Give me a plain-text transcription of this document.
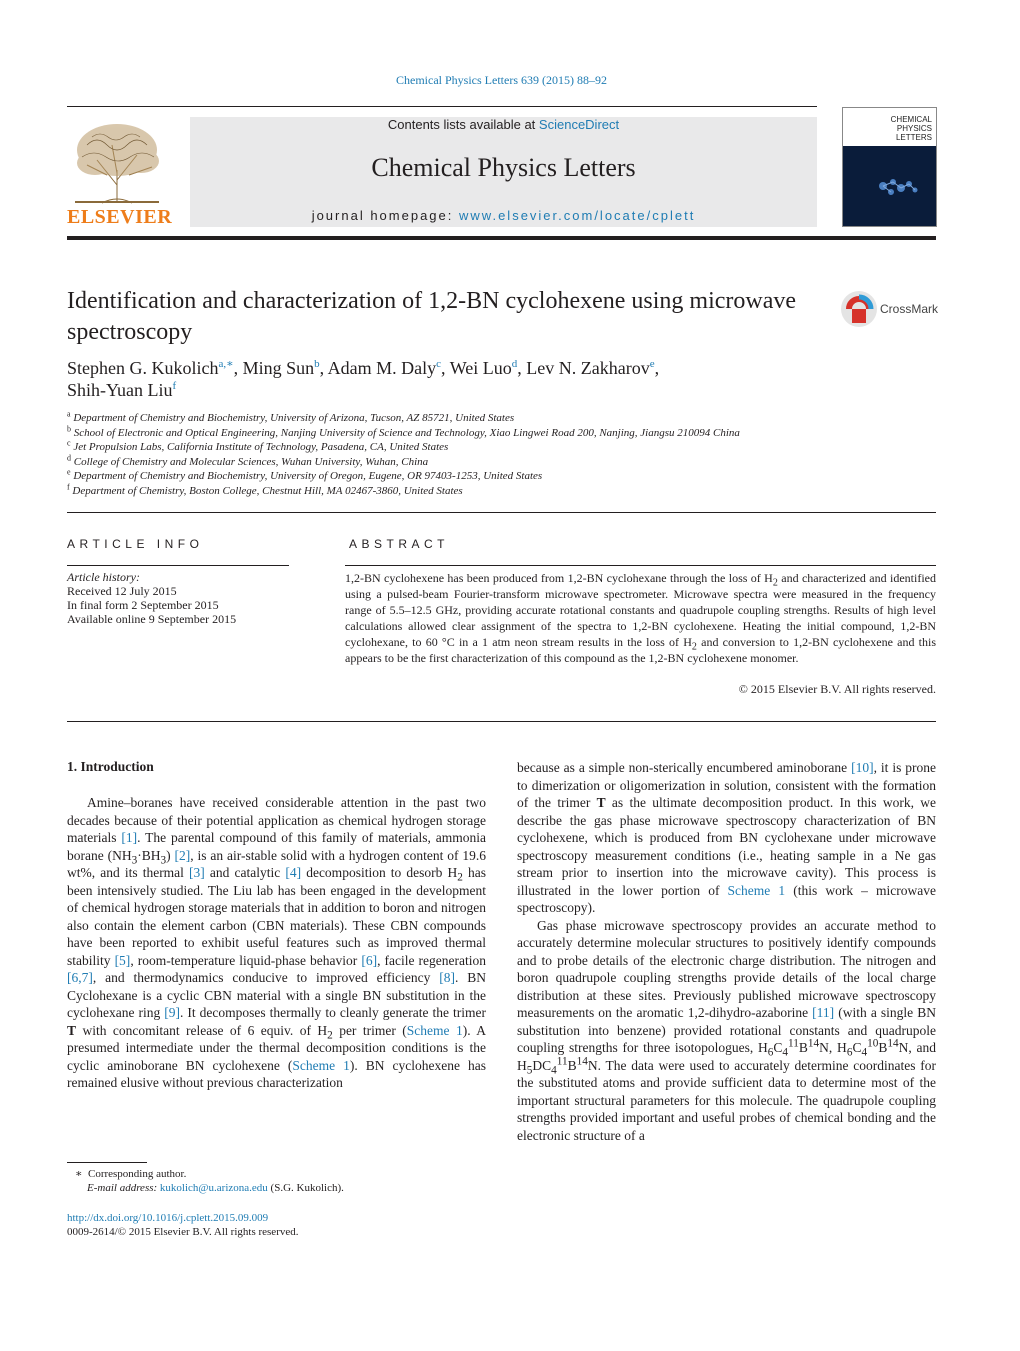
Chemical Physics Letters 639 (2015) 88–92
ELSEVIER
Contents lists available at ScienceDirect
Chemical Physics Letters
journal homepage: www.elsevier.com/locate/cplett
CHEMICAL PHYSICS LETTERS
Identification and characterization of 1,2-BN cyclohexene using microwave spectroscopy
CrossMark
Stephen G. Kukolich$^{a,∗}$, Ming Sun$^b$, Adam M. Daly$^c$, Wei Luo$^d$, Lev N. Zakharov$^e$,
Shih-Yuan Liu$^f$
$^a$ Department of Chemistry and Biochemistry, University of Arizona, Tucson, AZ 85721, United States
$^b$ School of Electronic and Optical Engineering, Nanjing University of Science and Technology, Xiao Lingwei Road 200, Nanjing, Jiangsu 210094 China
$^c$ Jet Propulsion Labs, California Institute of Technology, Pasadena, CA, United States
$^d$ College of Chemistry and Molecular Sciences, Wuhan University, Wuhan, China
$^e$ Department of Chemistry and Biochemistry, University of Oregon, Eugene, OR 97403-1253, United States
$^f$ Department of Chemistry, Boston College, Chestnut Hill, MA 02467-3860, United States
ARTICLE INFO	ABSTRACT
Article history:
Received 12 July 2015
In final form 2 September 2015
Available online 9 September 2015
1,2-BN cyclohexene has been produced from 1,2-BN cyclohexane through the loss of $H_2$ and characterized and identified using a pulsed-beam Fourier-transform microwave spectrometer. Microwave spectra were measured in the frequency range of 5.5–12.5 GHz, providing accurate rotational constants and quadrupole coupling strengths. Results of high level calculations allowed clear assignment of the spectra to 1,2-BN cyclohexene. Heating the initial compound, 1,2-BN cyclohexane, to 60 °C in a 1 atm neon stream results in the loss of $H_2$ and conversion to 1,2-BN cyclohexene and this appears to be the first characterization of this compound as the 1,2-BN cyclohexene monomer.
© 2015 Elsevier B.V. All rights reserved.
1. Introduction

Amine–boranes have received considerable attention in the past two decades because of their potential application as chemical hydrogen storage materials [1]. The parental compound of this family of materials, ammonia borane $(NH_3\cdot BH_3)$ [2], is an air-stable solid with a hydrogen content of 19.6 wt%, and its thermal [3] and catalytic [4] decomposition to desorb $H_2$ has been intensively studied. The Liu lab has been engaged in the development of chemical hydrogen storage materials that in addition to boron and nitrogen also contain the element carbon (CBN materials). These CBN compounds have been reported to exhibit useful features such as improved thermal stability [5], room-temperature liquid-phase behavior [6], facile regeneration [6,7], and thermodynamics conducive to improved efficiency [8]. BN Cyclohexane is a cyclic CBN material with a single BN substitution in the cyclohexane ring [9]. It decomposes thermally to cleanly generate the trimer T with concomitant release of 6 equiv. of $H_2$ per trimer (Scheme 1). A presumed intermediate under the thermal decomposition conditions is the cyclic aminoborane BN cyclohexene (Scheme 1). BN cyclohexene has remained elusive without previous characterization

because as a simple non-sterically encumbered aminoborane [10], it is prone to dimerization or oligomerization in solution, consistent with the formation of the trimer T as the ultimate decomposition product. In this work, we describe the gas phase microwave spectroscopy characterization of BN cyclohexene, which is produced from BN cyclohexane under microwave spectroscopy measurement conditions (i.e., heating sample in a Ne gas stream prior to insertion into the microwave cavity). This process is illustrated in the lower portion of Scheme 1 (this work – microwave spectroscopy).

Gas phase microwave spectroscopy provides an accurate method to accurately determine molecular structures to positively identify compounds and to probe details of the electronic charge distribution. The nitrogen and boron quadrupole coupling strengths provide details of the local charge distribution at these sites. Previously published microwave spectroscopy measurements on the aromatic 1,2-dihydro-azaborine [11] (with a single BN substitution into benzene) provided rotational constants and quadrupole coupling strengths for three isotopologues, $H_6C_4^{11}B^{14}N$, $H_6C_4^{10}B^{14}N$, and $H_5DC_4^{11}B^{14}N$. The data were used to accurately determine coordinates for the substituted atoms and provide sufficient data to determine most of the important structural parameters for this molecule. The quadrupole coupling strengths provided important and useful probes of chemical bonding and the electronic structure of a

∗  Corresponding author.
E-mail address: kukolich@u.arizona.edu (S.G. Kukolich).
http://dx.doi.org/10.1016/j.cplett.2015.09.009
0009-2614/© 2015 Elsevier B.V. All rights reserved.
